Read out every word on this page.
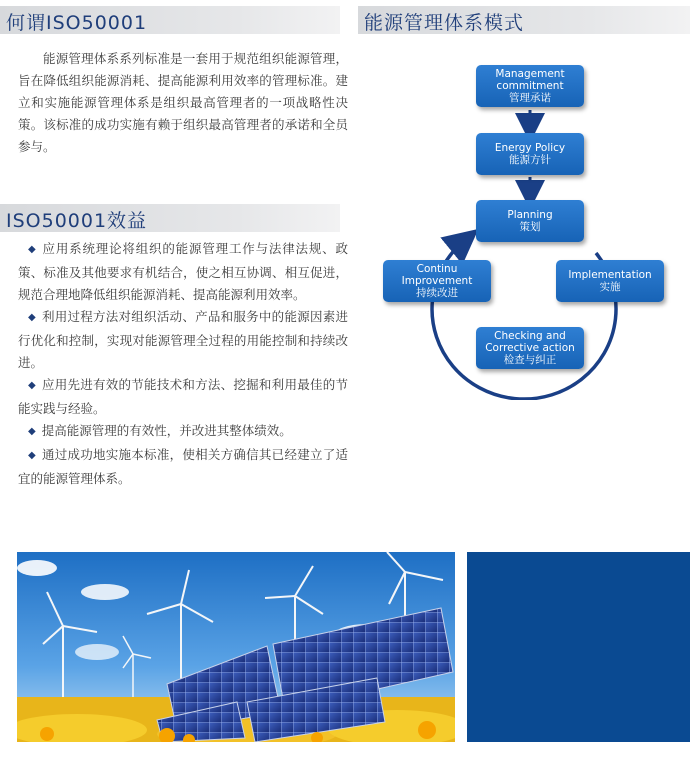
何谓ISO50001	能源管理体系模式
ISO50001效益
能源管理体系系列标准是一套用于规范组织能源管理，旨在降低组织能源消耗、提高能源利用效率的管理标准。建立和实施能源管理体系是组织最高管理者的一项战略性决策。该标准的成功实施有赖于组织最高管理者的承诺和全员参与。
◆ 应用系统理论将组织的能源管理工作与法律法规、政策、标准及其他要求有机结合，使之相互协调、相互促进，规范合理地降低组织能源消耗、提高能源利用效率。
◆ 利用过程方法对组织活动、产品和服务中的能源因素进行优化和控制，实现对能源管理全过程的用能控制和持续改进。
◆ 应用先进有效的节能技术和方法、挖掘和利用最佳的节能实践与经验。
◆ 提高能源管理的有效性，并改进其整体绩效。
◆ 通过成功地实施本标准，使相关方确信其已经建立了适宜的能源管理体系。
Management
commitment
管理承诺
Energy Policy
能源方针
Planning
策划
Implementation
实施
Checking and
Corrective action
检查与纠正
Continu
Improvement
持续改进
